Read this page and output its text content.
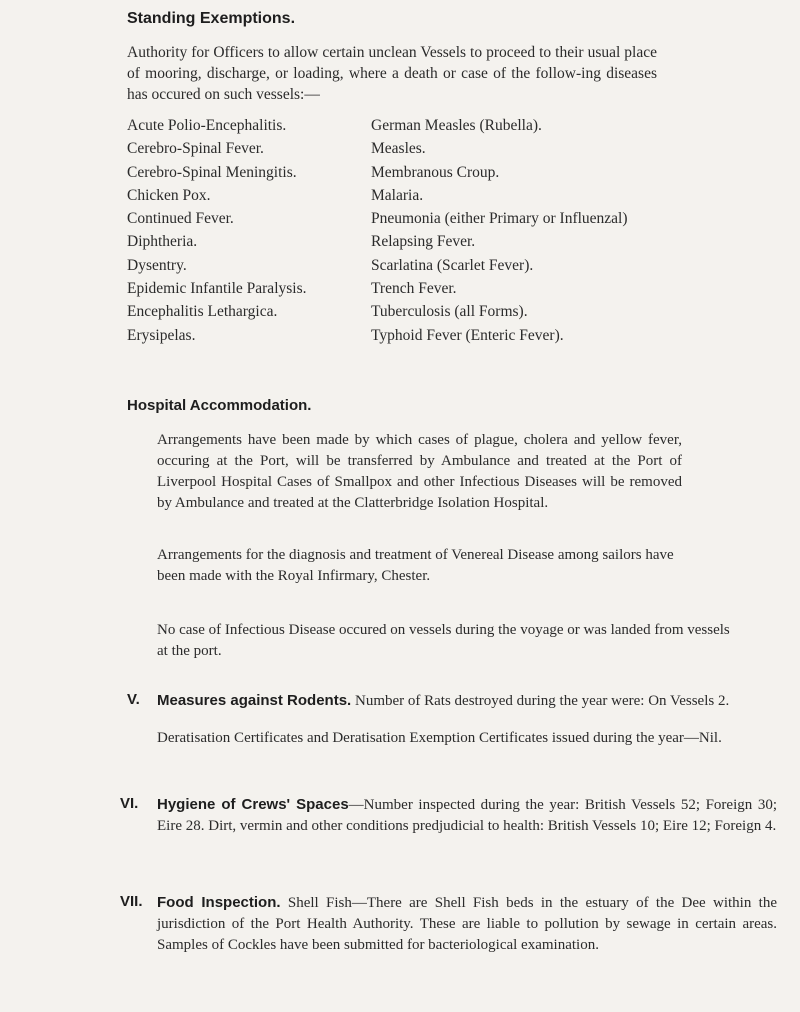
Standing Exemptions.

Authority for Officers to allow certain unclean Vessels to proceed to their usual place of mooring, discharge, or loading, where a death or case of the follow-ing diseases has occured on such vessels:—

Acute Polio-Encephalitis.
Cerebro-Spinal Fever.
Cerebro-Spinal Meningitis.
Chicken Pox.
Continued Fever.
Diphtheria.
Dysentry.
Epidemic Infantile Paralysis.
Encephalitis Lethargica.
Erysipelas.
German Measles (Rubella).
Measles.
Membranous Croup.
Malaria.
Pneumonia (either Primary or Influenzal)
Relapsing Fever.
Scarlatina (Scarlet Fever).
Trench Fever.
Tuberculosis (all Forms).
Typhoid Fever (Enteric Fever).
Hospital Accommodation.

Arrangements have been made by which cases of plague, cholera and yellow fever, occuring at the Port, will be transferred by Ambulance and treated at the Port of Liverpool Hospital Cases of Smallpox and other Infectious Diseases will be removed by Ambulance and treated at the Clatterbridge Isolation Hospital.

Arrangements for the diagnosis and treatment of Venereal Disease among sailors have been made with the Royal Infirmary, Chester.

No case of Infectious Disease occured on vessels during the voyage or was landed from vessels at the port.

V. Measures against Rodents. Number of Rats destroyed during the year were: On Vessels 2.

Deratisation Certificates and Deratisation Exemption Certificates issued during the year—Nil.

VI. Hygiene of Crews' Spaces—Number inspected during the year: British Vessels 52; Foreign 30; Eire 28. Dirt, vermin and other conditions predjudicial to health: British Vessels 10; Eire 12; Foreign 4.

VII. Food Inspection. Shell Fish—There are Shell Fish beds in the estuary of the Dee within the jurisdiction of the Port Health Authority. These are liable to pollution by sewage in certain areas. Samples of Cockles have been submitted for bacteriological examination.
